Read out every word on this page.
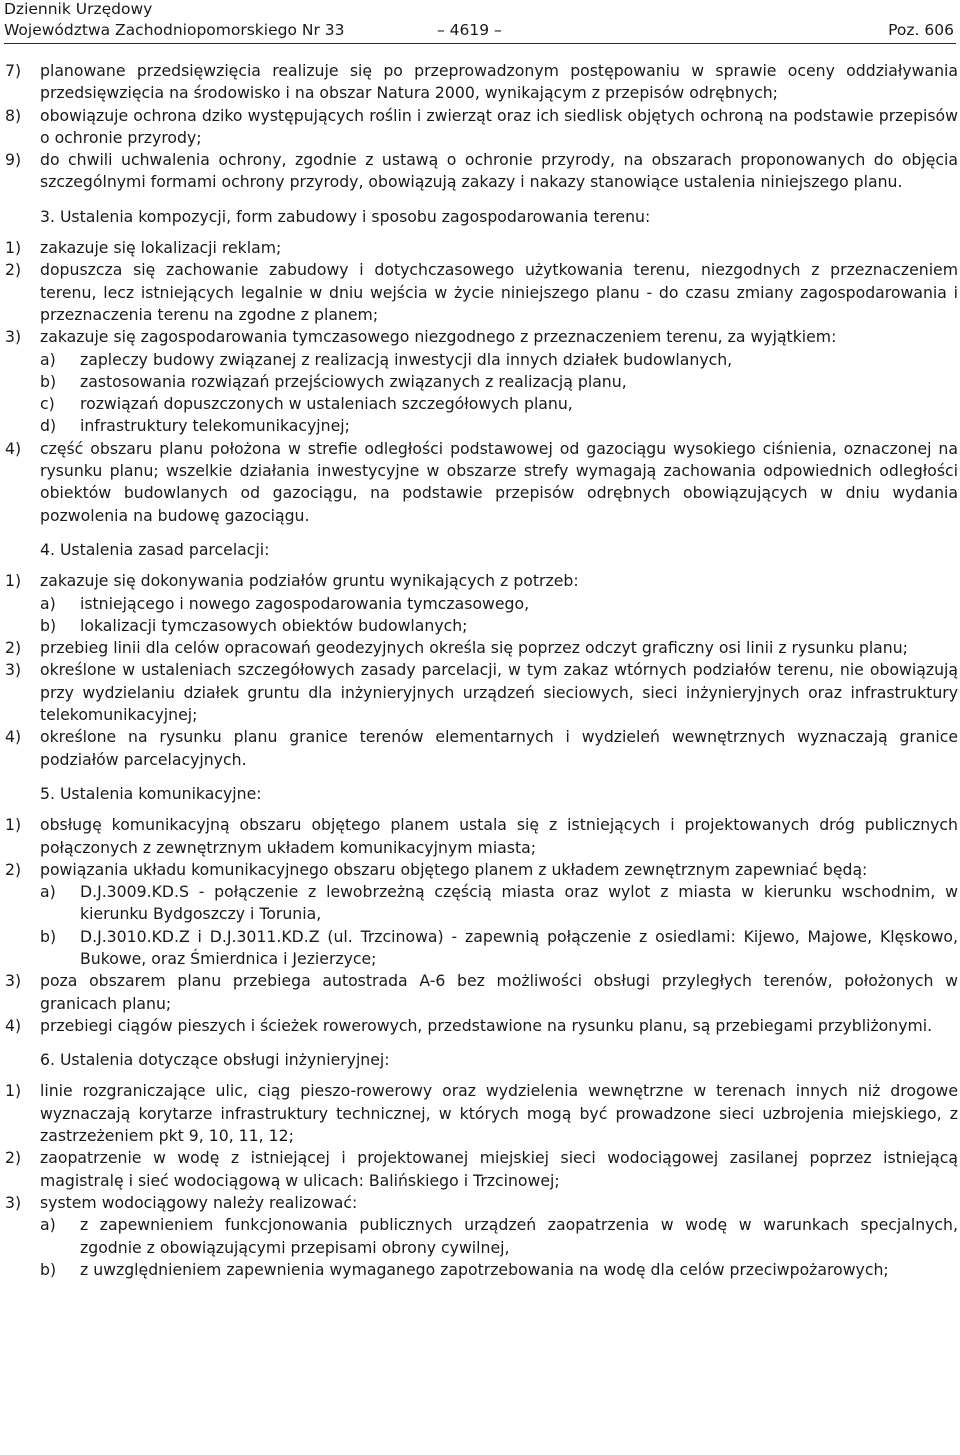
Dziennik Urzędowy
Województwa Zachodniopomorskiego Nr 33	– 4619 –	Poz. 606
7) planowane przedsięwzięcia realizuje się po przeprowadzonym postępowaniu w sprawie oceny oddziaływania przedsięwzięcia na środowisko i na obszar Natura 2000, wynikającym z przepisów odrębnych;
8) obowiązuje ochrona dziko występujących roślin i zwierząt oraz ich siedlisk objętych ochroną na podstawie przepisów o ochronie przyrody;
9) do chwili uchwalenia ochrony, zgodnie z ustawą o ochronie przyrody, na obszarach proponowanych do objęcia szczególnymi formami ochrony przyrody, obowiązują zakazy i nakazy stanowiące ustalenia niniejszego planu.
3. Ustalenia kompozycji, form zabudowy i sposobu zagospodarowania terenu:
1) zakazuje się lokalizacji reklam;
2) dopuszcza się zachowanie zabudowy i dotychczasowego użytkowania terenu, niezgodnych z przeznaczeniem terenu, lecz istniejących legalnie w dniu wejścia w życie niniejszego planu - do czasu zmiany zagospodarowania i przeznaczenia terenu na zgodne z planem;
3) zakazuje się zagospodarowania tymczasowego niezgodnego z przeznaczeniem terenu, za wyjątkiem:
a) zapleczy budowy związanej z realizacją inwestycji dla innych działek budowlanych,
b) zastosowania rozwiązań przejściowych związanych z realizacją planu,
c) rozwiązań dopuszczonych w ustaleniach szczegółowych planu,
d) infrastruktury telekomunikacyjnej;
4) część obszaru planu położona w strefie odległości podstawowej od gazociągu wysokiego ciśnienia, oznaczonej na rysunku planu; wszelkie działania inwestycyjne w obszarze strefy wymagają zachowania odpowiednich odległości obiektów budowlanych od gazociągu, na podstawie przepisów odrębnych obowiązujących w dniu wydania pozwolenia na budowę gazociągu.
4. Ustalenia zasad parcelacji:
1) zakazuje się dokonywania podziałów gruntu wynikających z potrzeb:
a) istniejącego i nowego zagospodarowania tymczasowego,
b) lokalizacji tymczasowych obiektów budowlanych;
2) przebieg linii dla celów opracowań geodezyjnych określa się poprzez odczyt graficzny osi linii z rysunku planu;
3) określone w ustaleniach szczegółowych zasady parcelacji, w tym zakaz wtórnych podziałów terenu, nie obowiązują przy wydzielaniu działek gruntu dla inżynieryjnych urządzeń sieciowych, sieci inżynieryjnych oraz infrastruktury telekomunikacyjnej;
4) określone na rysunku planu granice terenów elementarnych i wydzieleń wewnętrznych wyznaczają granice podziałów parcelacyjnych.
5. Ustalenia komunikacyjne:
1) obsługę komunikacyjną obszaru objętego planem ustala się z istniejących i projektowanych dróg publicznych połączonych z zewnętrznym układem komunikacyjnym miasta;
2) powiązania układu komunikacyjnego obszaru objętego planem z układem zewnętrznym zapewniać będą:
a) D.J.3009.KD.S - połączenie z lewobrzeżną częścią miasta oraz wylot z miasta w kierunku wschodnim, w kierunku Bydgoszczy i Torunia,
b) D.J.3010.KD.Z i D.J.3011.KD.Z (ul. Trzcinowa) - zapewnią połączenie z osiedlami: Kijewo, Majowe, Klęskowo, Bukowe, oraz Śmierdnica i Jezierzyce;
3) poza obszarem planu przebiega autostrada A-6 bez możliwości obsługi przyległych terenów, położonych w granicach planu;
4) przebiegi ciągów pieszych i ścieżek rowerowych, przedstawione na rysunku planu, są przebiegami przybliżonymi.
6. Ustalenia dotyczące obsługi inżynieryjnej:
1) linie rozgraniczające ulic, ciąg pieszo-rowerowy oraz wydzielenia wewnętrzne w terenach innych niż drogowe wyznaczają korytarze infrastruktury technicznej, w których mogą być prowadzone sieci uzbrojenia miejskiego, z zastrzeżeniem pkt 9, 10, 11, 12;
2) zaopatrzenie w wodę z istniejącej i projektowanej miejskiej sieci wodociągowej zasilanej poprzez istniejącą magistralę i sieć wodociągową w ulicach: Balińskiego i Trzcinowej;
3) system wodociągowy należy realizować:
a) z zapewnieniem funkcjonowania publicznych urządzeń zaopatrzenia w wodę w warunkach specjalnych, zgodnie z obowiązującymi przepisami obrony cywilnej,
b) z uwzględnieniem zapewnienia wymaganego zapotrzebowania na wodę dla celów przeciwpożarowych;
